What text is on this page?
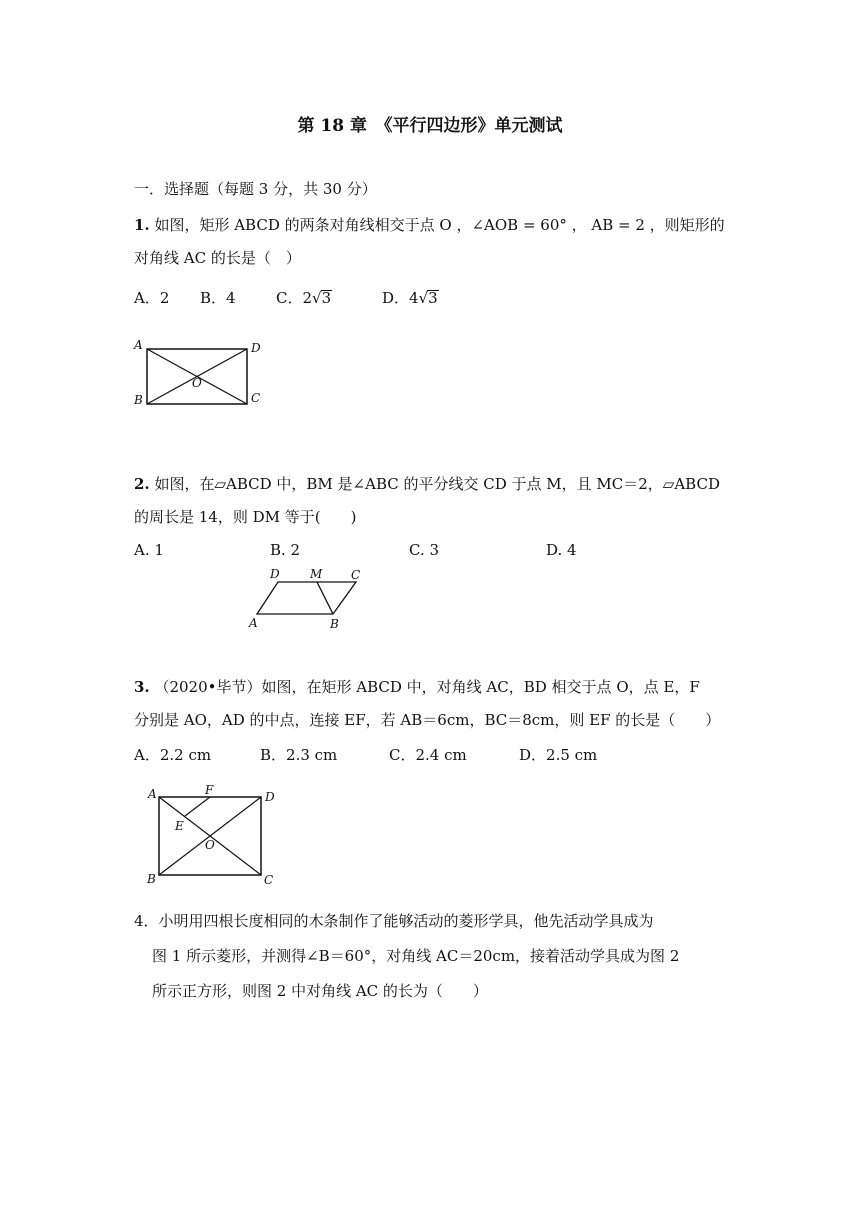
第 18 章　《平行四边形》单元测试
一．选择题（每题 3 分，共 30 分）
1. 如图，矩形 ABCD 的两条对角线相交于点 O ，∠AOB = 60° ， AB = 2 ，则矩形的
对角线 AC 的长是（　）
A．2 B．4	C．2√3	D．4√3
A
B	C
D
O
2. 如图，在▱ABCD 中，BM 是∠ABC 的平分线交 CD 于点 M，且 MC＝2，▱ABCD
的周长是 14，则 DM 等于(　　)
A. 1	B. 2	C. 3	D. 4
D	M C
A	B
3. （2020•毕节）如图，在矩形 ABCD 中，对角线 AC，BD 相交于点 O，点 E，F
分别是 AO，AD 的中点，连接 EF，若 AB＝6cm，BC＝8cm，则 EF 的长是（　　）
A．2.2 cm	B．2.3 cm	C．2.4 cm	D．2.5 cm
A	F	D
E
O
B	C
4．小明用四根长度相同的木条制作了能够活动的菱形学具，他先活动学具成为
图 1 所示菱形，并测得∠B＝60°，对角线 AC＝20cm，接着活动学具成为图 2
所示正方形，则图 2 中对角线 AC 的长为（　　）
